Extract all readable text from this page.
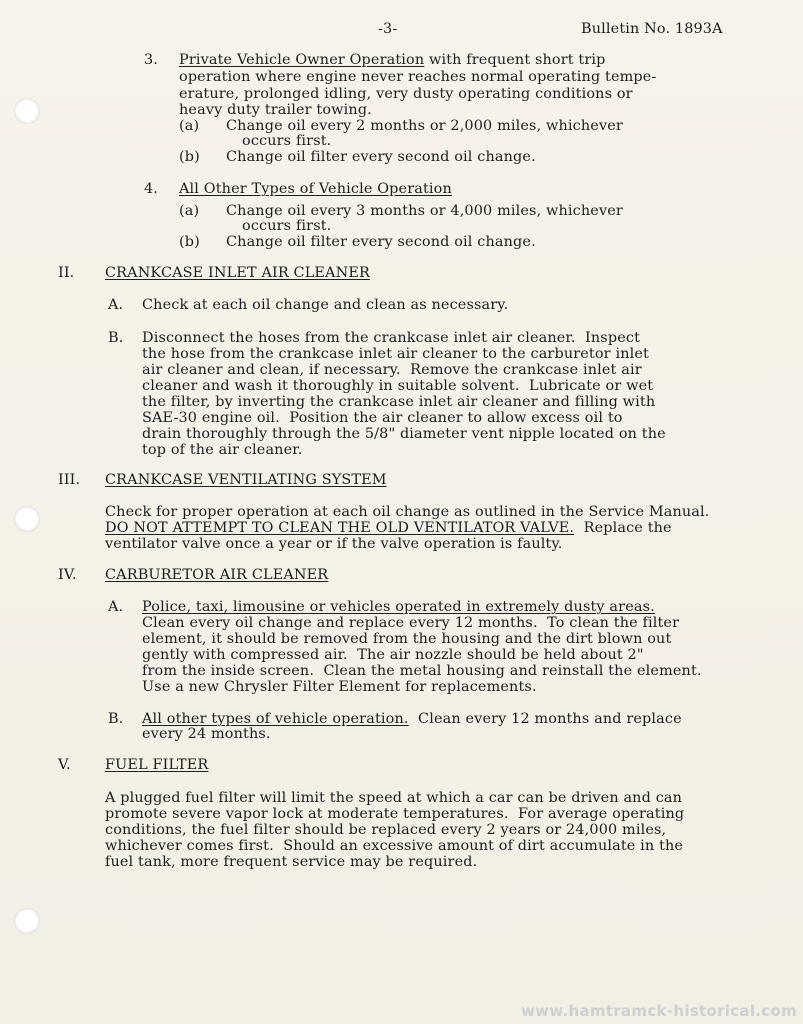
-3-	Bulletin No. 1893A
3. Private Vehicle Owner Operation with frequent short trip
operation where engine never reaches normal operating tempe-
erature, prolonged idling, very dusty operating conditions or
heavy duty trailer towing.
(a) Change oil every 2 months or 2,000 miles, whichever
occurs first.
(b) Change oil filter every second oil change.
4. All Other Types of Vehicle Operation
(a) Change oil every 3 months or 4,000 miles, whichever
occurs first.
(b) Change oil filter every second oil change.
II. CRANKCASE INLET AIR CLEANER
A. Check at each oil change and clean as necessary.
B. Disconnect the hoses from the crankcase inlet air cleaner.  Inspect
the hose from the crankcase inlet air cleaner to the carburetor inlet
air cleaner and clean, if necessary.  Remove the crankcase inlet air
cleaner and wash it thoroughly in suitable solvent.  Lubricate or wet
the filter, by inverting the crankcase inlet air cleaner and filling with
SAE-30 engine oil.  Position the air cleaner to allow excess oil to
drain thoroughly through the 5/8" diameter vent nipple located on the
top of the air cleaner.
III. CRANKCASE VENTILATING SYSTEM
Check for proper operation at each oil change as outlined in the Service Manual.
DO NOT ATTEMPT TO CLEAN THE OLD VENTILATOR VALVE.  Replace the
ventilator valve once a year or if the valve operation is faulty.
IV. CARBURETOR AIR CLEANER
A. Police, taxi, limousine or vehicles operated in extremely dusty areas.
Clean every oil change and replace every 12 months.  To clean the filter
element, it should be removed from the housing and the dirt blown out
gently with compressed air.  The air nozzle should be held about 2"
from the inside screen.  Clean the metal housing and reinstall the element.
Use a new Chrysler Filter Element for replacements.
B. All other types of vehicle operation.  Clean every 12 months and replace
every 24 months.
V. FUEL FILTER
A plugged fuel filter will limit the speed at which a car can be driven and can
promote severe vapor lock at moderate temperatures.  For average operating
conditions, the fuel filter should be replaced every 2 years or 24,000 miles,
whichever comes first.  Should an excessive amount of dirt accumulate in the
fuel tank, more frequent service may be required.
www.hamtramck-historical.com
